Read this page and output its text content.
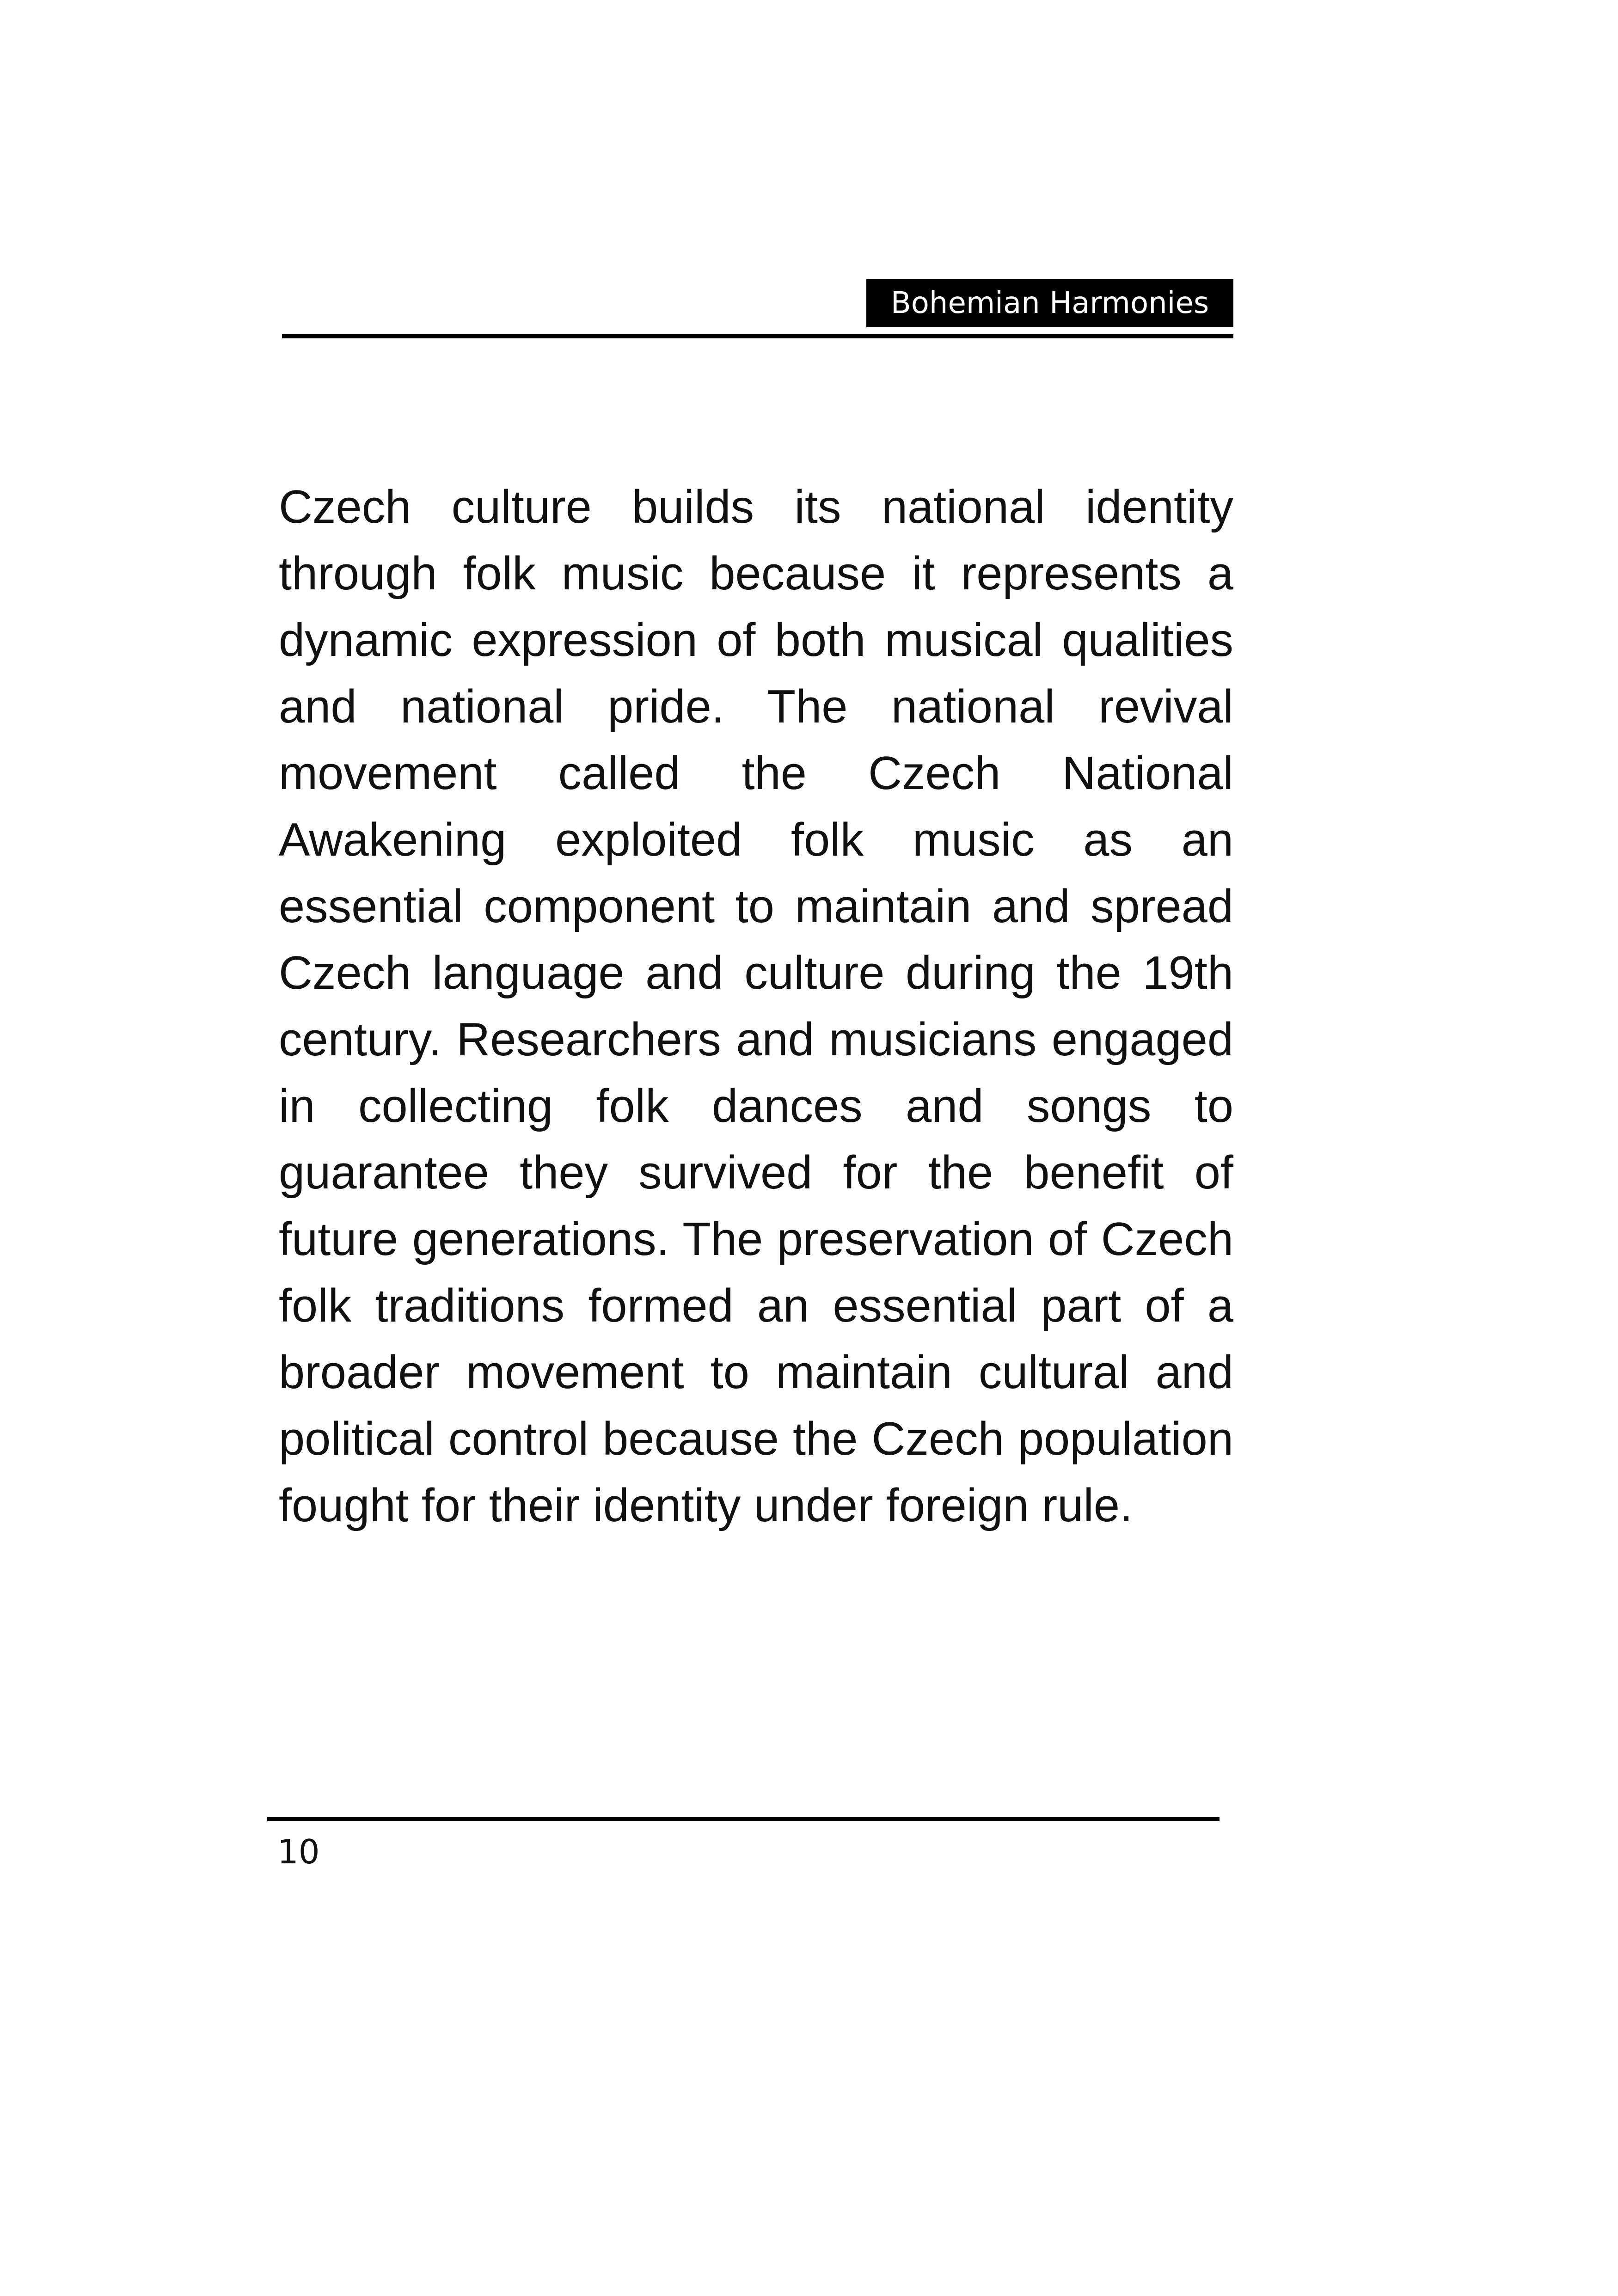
Bohemian Harmonies
Czech culture builds its national identity
through folk music because it represents a
dynamic expression of both musical qualities
and national pride. The national revival
movement called the Czech National
Awakening exploited folk music as an
essential component to maintain and spread
Czech language and culture during the 19th
century. Researchers and musicians engaged
in collecting folk dances and songs to
guarantee they survived for the benefit of
future generations. The preservation of Czech
folk traditions formed an essential part of a
broader movement to maintain cultural and
political control because the Czech population
fought for their identity under foreign rule.
10
